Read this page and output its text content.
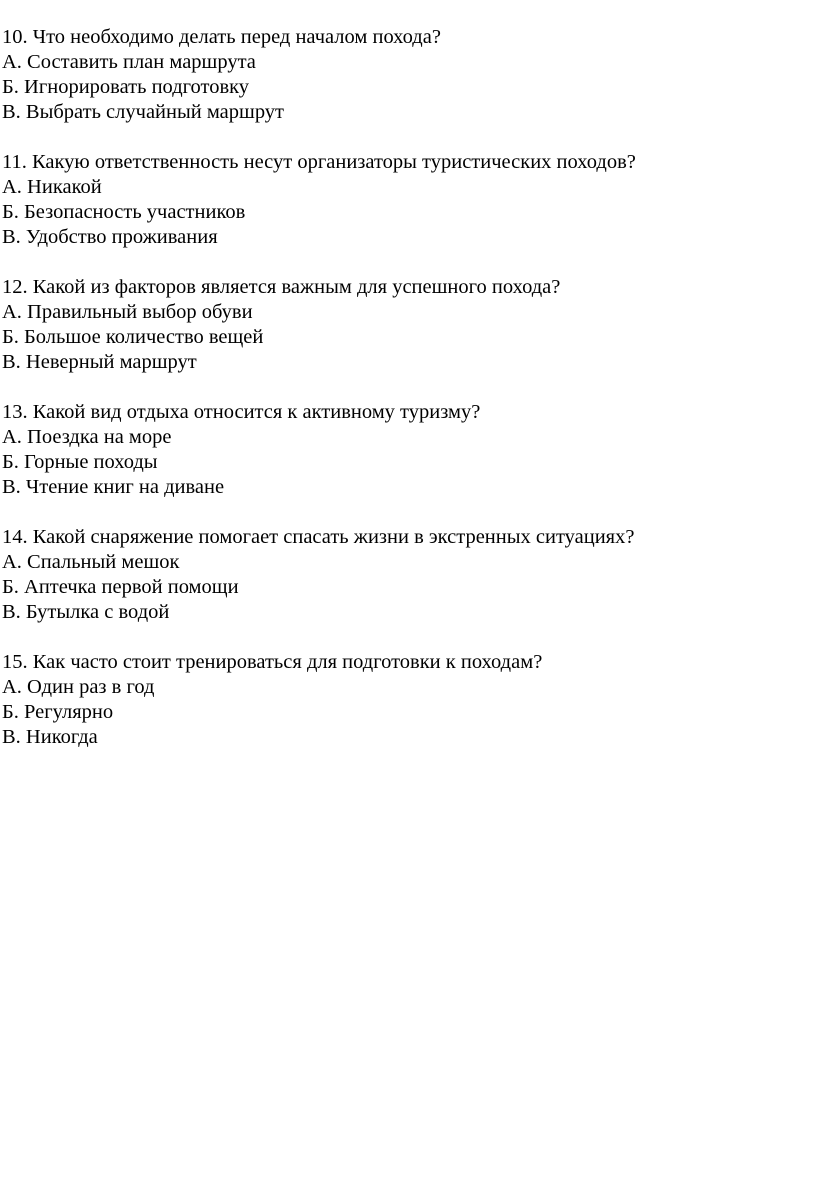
10. Что необходимо делать перед началом похода?
А. Составить план маршрута
Б. Игнорировать подготовку
В. Выбрать случайный маршрут
11. Какую ответственность несут организаторы туристических походов?
А. Никакой
Б. Безопасность участников
В. Удобство проживания
12. Какой из факторов является важным для успешного похода?
А. Правильный выбор обуви
Б. Большое количество вещей
В. Неверный маршрут
13. Какой вид отдыха относится к активному туризму?
А. Поездка на море
Б. Горные походы
В. Чтение книг на диване
14. Какой снаряжение помогает спасать жизни в экстренных ситуациях?
А. Спальный мешок
Б. Аптечка первой помощи
В. Бутылка с водой
15. Как часто стоит тренироваться для подготовки к походам?
А. Один раз в год
Б. Регулярно
В. Никогда
